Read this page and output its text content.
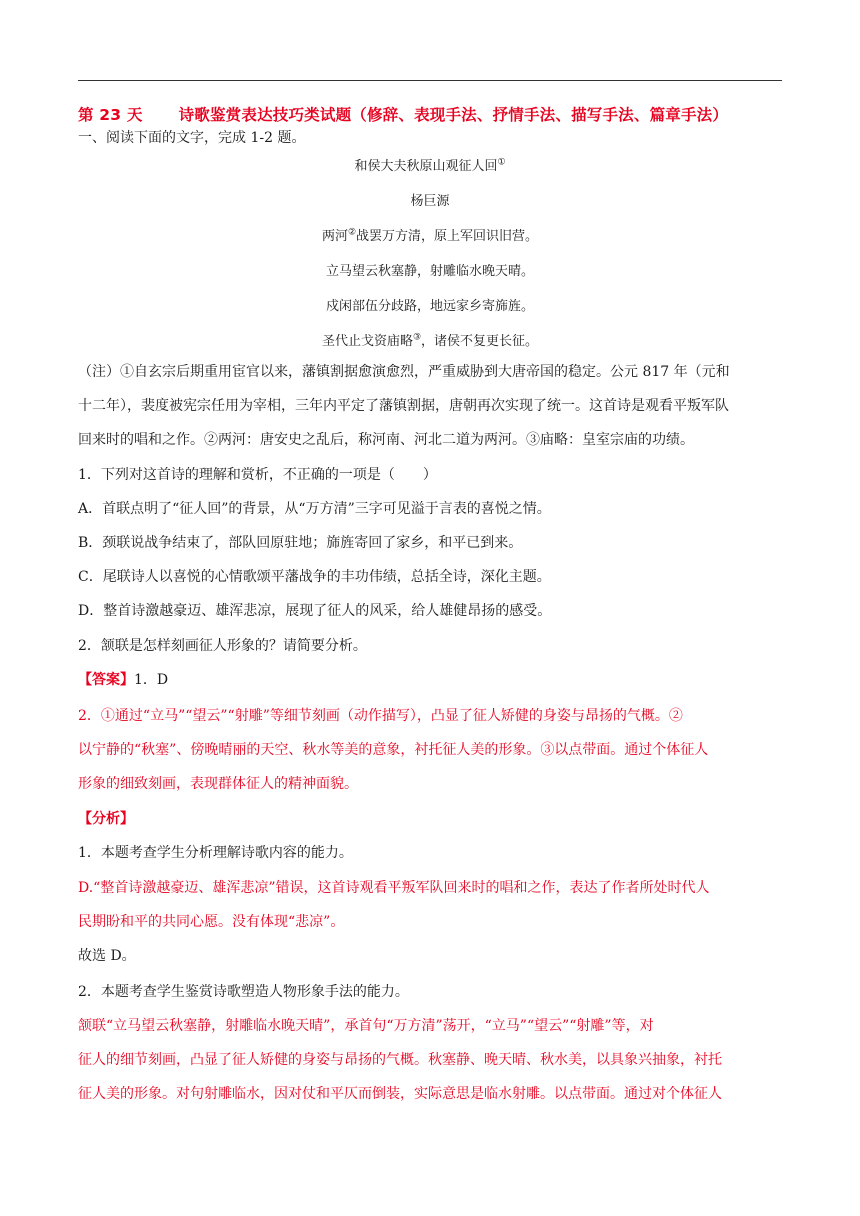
第 23 天 诗歌鉴赏表达技巧类试题（修辞、表现手法、抒情手法、描写手法、篇章手法）
一、阅读下面的文字，完成 1-2 题。
和侯大夫秋原山观征人回①
杨巨源
两河②战罢万方清，原上军回识旧营。
立马望云秋塞静，射雕临水晚天晴。
戍闲部伍分歧路，地远家乡寄旆旌。
圣代止戈资庙略③，诸侯不复更长征。
（注）①自玄宗后期重用宦官以来，藩镇割据愈演愈烈，严重威胁到大唐帝国的稳定。公元 817 年（元和
十二年），裴度被宪宗任用为宰相，三年内平定了藩镇割据，唐朝再次实现了统一。这首诗是观看平叛军队
回来时的唱和之作。②两河：唐安史之乱后，称河南、河北二道为两河。③庙略：皇室宗庙的功绩。
1．下列对这首诗的理解和赏析，不正确的一项是（　　）
A．首联点明了“征人回”的背景，从“万方清”三字可见溢于言表的喜悦之情。
B．颈联说战争结束了，部队回原驻地；旆旌寄回了家乡，和平已到来。
C．尾联诗人以喜悦的心情歌颂平藩战争的丰功伟绩，总括全诗，深化主题。
D．整首诗激越豪迈、雄浑悲凉，展现了征人的风采，给人雄健昂扬的感受。
2．颔联是怎样刻画征人形象的？请简要分析。
【答案】1．D
2．①通过“立马”“望云”“射雕”等细节刻画（动作描写），凸显了征人矫健的身姿与昂扬的气概。②
以宁静的“秋塞”、傍晚晴丽的天空、秋水等美的意象，衬托征人美的形象。③以点带面。通过个体征人
形象的细致刻画，表现群体征人的精神面貌。
【分析】
1．本题考查学生分析理解诗歌内容的能力。
D.“整首诗激越豪迈、雄浑悲凉”错误，这首诗观看平叛军队回来时的唱和之作，表达了作者所处时代人
民期盼和平的共同心愿。没有体现“悲凉”。
故选 D。
2．本题考查学生鉴赏诗歌塑造人物形象手法的能力。
颔联“立马望云秋塞静，射雕临水晚天晴”，承首句“万方清”荡开，“立马”“望云”“射雕”等，对
征人的细节刻画，凸显了征人矫健的身姿与昂扬的气概。秋塞静、晚天晴、秋水美，以具象兴抽象，衬托
征人美的形象。对句射雕临水，因对仗和平仄而倒装，实际意思是临水射雕。以点带面。通过对个体征人
